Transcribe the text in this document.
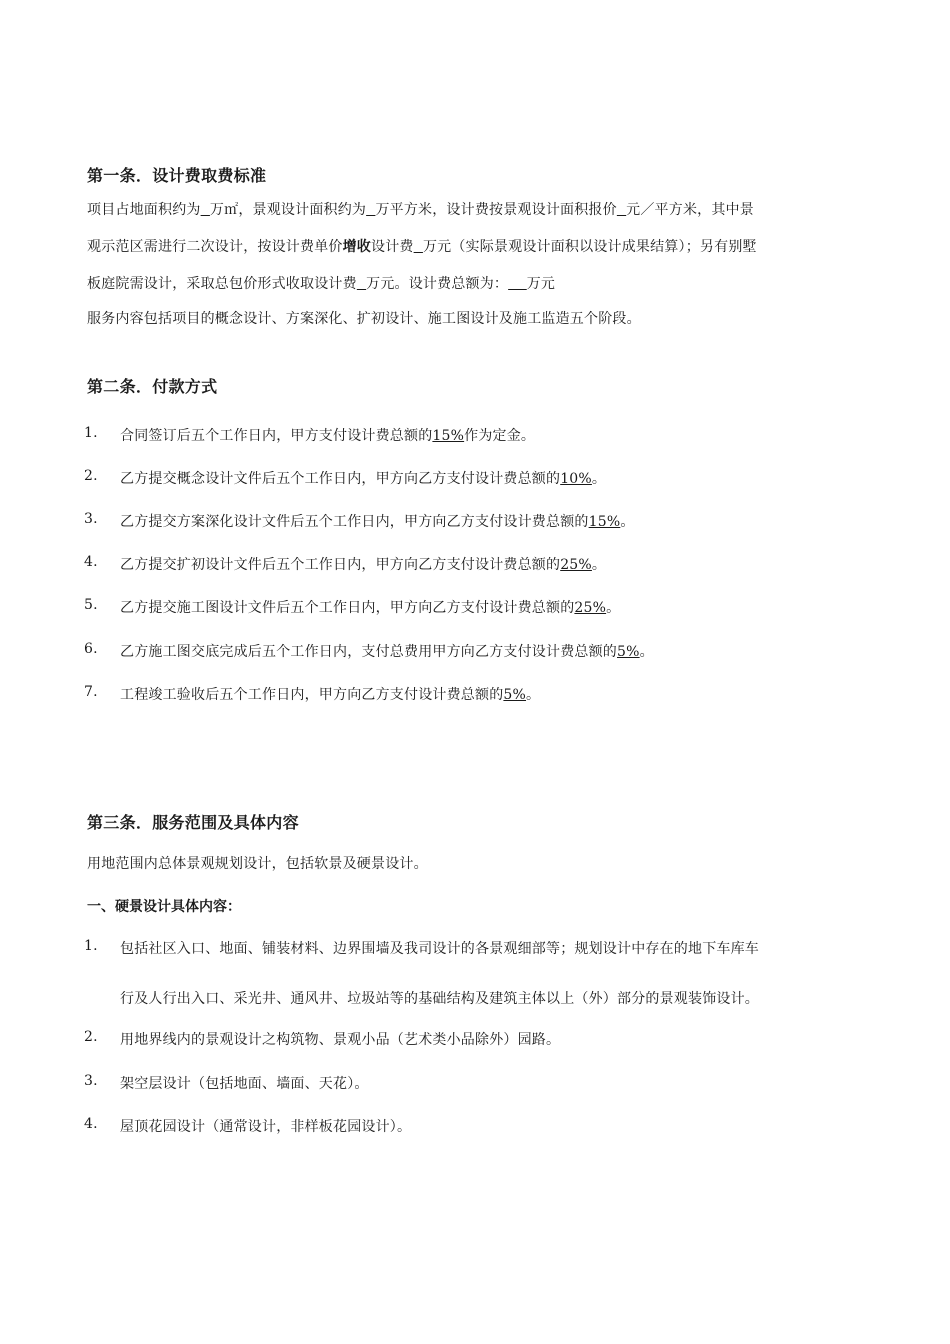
第一条．设计费取费标准
项目占地面积约为 万㎡，景观设计面积约为 万平方米，设计费按景观设计面积报价 元／平方米，其中景
观示范区需进行二次设计，按设计费单价增收设计费 万元（实际景观设计面积以设计成果结算）；另有别墅
板庭院需设计，采取总包价形式收取设计费 万元。设计费总额为： 万元
服务内容包括项目的概念设计、方案深化、扩初设计、施工图设计及施工监造五个阶段。
第二条．付款方式
1.	合同签订后五个工作日内，甲方支付设计费总额的15%作为定金。
2.	乙方提交概念设计文件后五个工作日内，甲方向乙方支付设计费总额的10%。
3.	乙方提交方案深化设计文件后五个工作日内，甲方向乙方支付设计费总额的15%。
4.	乙方提交扩初设计文件后五个工作日内，甲方向乙方支付设计费总额的25%。
5.	乙方提交施工图设计文件后五个工作日内，甲方向乙方支付设计费总额的25%。
6.	乙方施工图交底完成后五个工作日内，支付总费用甲方向乙方支付设计费总额的5%。
7.	工程竣工验收后五个工作日内，甲方向乙方支付设计费总额的5%。
第三条．服务范围及具体内容
用地范围内总体景观规划设计，包括软景及硬景设计。
一、硬景设计具体内容：
1.	包括社区入口、地面、铺装材料、边界围墙及我司设计的各景观细部等；规划设计中存在的地下车库车
行及人行出入口、采光井、通风井、垃圾站等的基础结构及建筑主体以上（外）部分的景观装饰设计。
2.	用地界线内的景观设计之构筑物、景观小品（艺术类小品除外）园路。
3.	架空层设计（包括地面、墙面、天花）。
4.	屋顶花园设计（通常设计，非样板花园设计）。
